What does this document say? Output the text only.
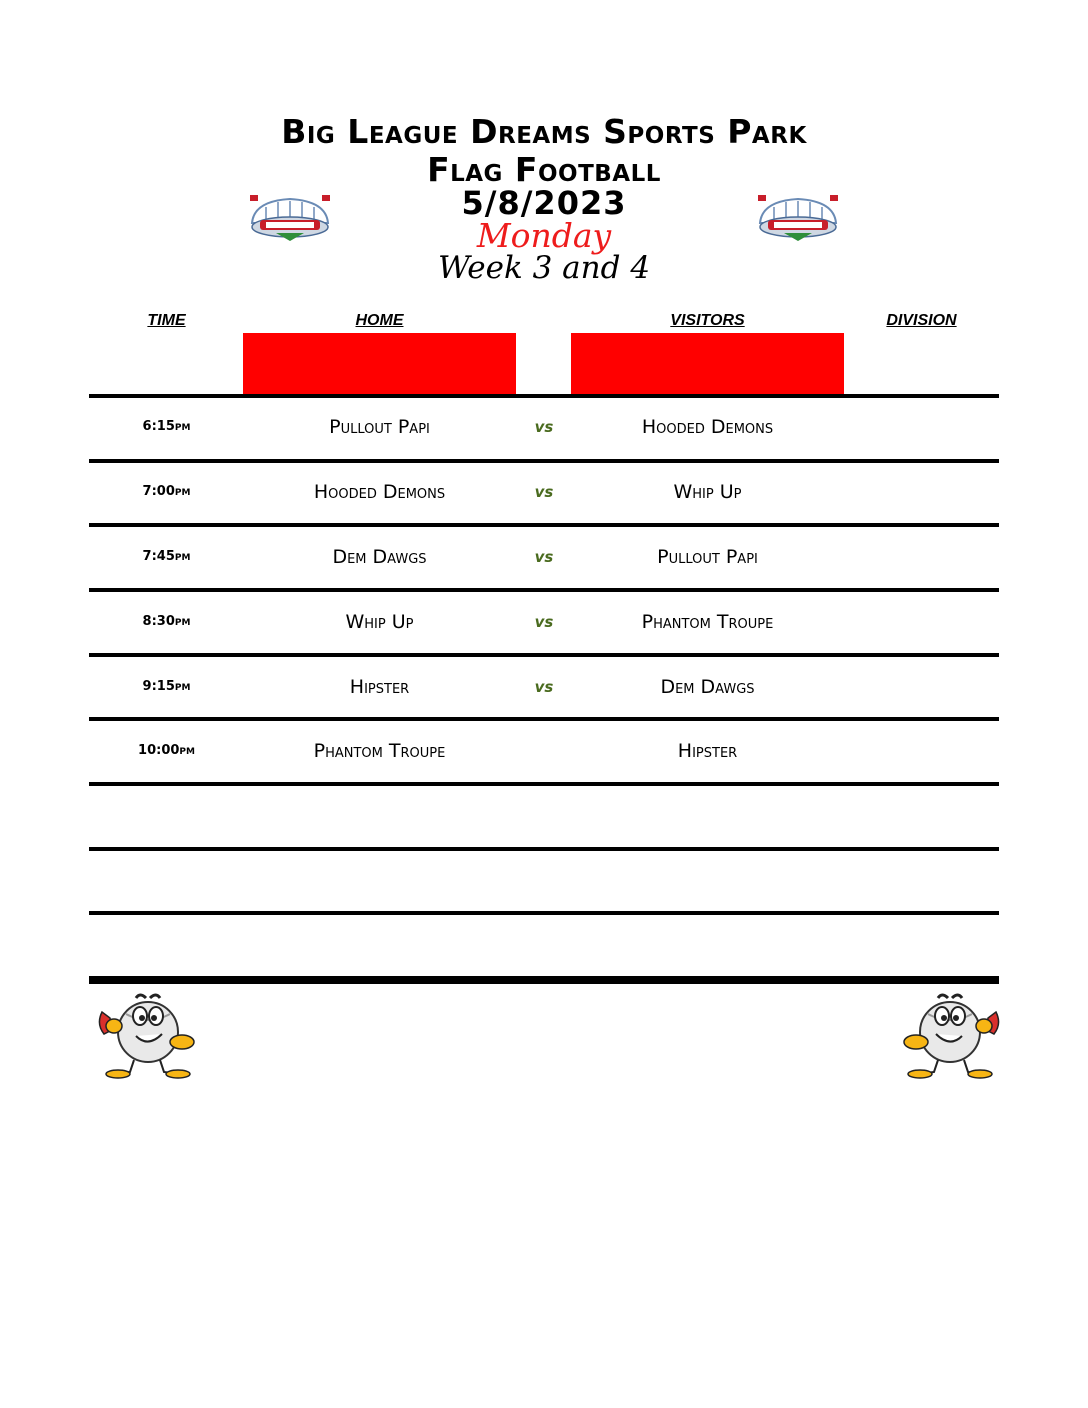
Big League Dreams Sports Park
Flag Football
5/8/2023
Monday
Week 3 and 4
TIME	HOME	VISITORS	DIVISION
6:15pm	Pullout Papi	vs	Hooded Demons
7:00pm	Hooded Demons	vs	Whip Up
7:45pm	Dem Dawgs	vs	Pullout Papi
8:30pm	Whip Up	vs	Phantom Troupe
9:15pm	Hipster	vs	Dem Dawgs
10:00pm	Phantom Troupe	Hipster
